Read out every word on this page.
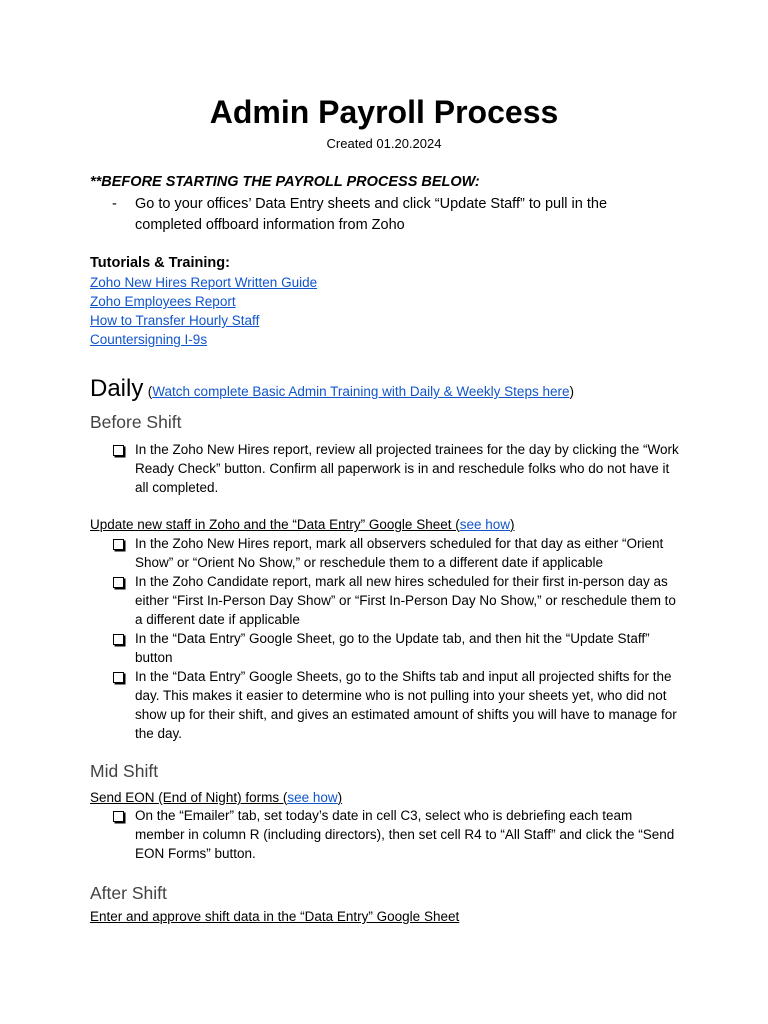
Admin Payroll Process
Created 01.20.2024
**BEFORE STARTING THE PAYROLL PROCESS BELOW:
- Go to your offices’ Data Entry sheets and click “Update Staff” to pull in the completed offboard information from Zoho
Tutorials & Training:
Zoho New Hires Report Written Guide
Zoho Employees Report
How to Transfer Hourly Staff
Countersigning I-9s
Daily (Watch complete Basic Admin Training with Daily & Weekly Steps here)
Before Shift
In the Zoho New Hires report, review all projected trainees for the day by clicking the “Work Ready Check” button. Confirm all paperwork is in and reschedule folks who do not have it all completed.
Update new staff in Zoho and the “Data Entry” Google Sheet (see how)
In the Zoho New Hires report, mark all observers scheduled for that day as either “Orient Show” or “Orient No Show,” or reschedule them to a different date if applicable
In the Zoho Candidate report, mark all new hires scheduled for their first in-person day as either “First In-Person Day Show” or “First In-Person Day No Show,” or reschedule them to a different date if applicable
In the “Data Entry” Google Sheet, go to the Update tab, and then hit the “Update Staff” button
In the “Data Entry” Google Sheets, go to the Shifts tab and input all projected shifts for the day. This makes it easier to determine who is not pulling into your sheets yet, who did not show up for their shift, and gives an estimated amount of shifts you will have to manage for the day.
Mid Shift
Send EON (End of Night) forms (see how)
On the “Emailer” tab, set today’s date in cell C3, select who is debriefing each team member in column R (including directors), then set cell R4 to “All Staff” and click the “Send EON Forms” button.
After Shift
Enter and approve shift data in the “Data Entry” Google Sheet
